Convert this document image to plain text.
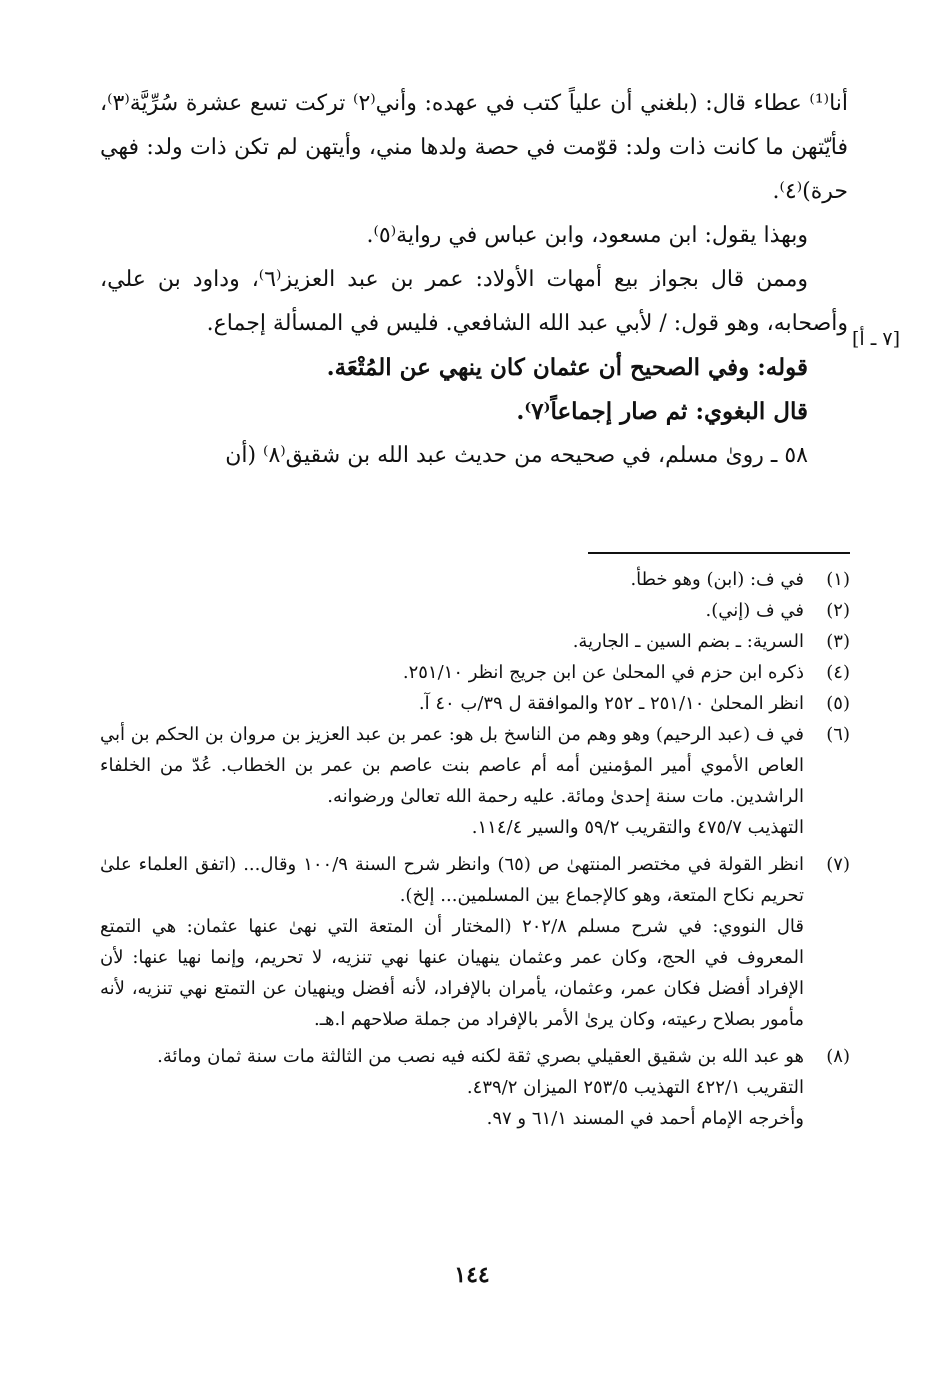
أنا⁽¹⁾ عطاء قال: (بلغني أن علياً كتب في عهده: وأني⁽٢⁾ تركت تسع عشرة سُرِّيَّة⁽٣⁾، فأيّتهن ما كانت ذات ولد: قوّمت في حصة ولدها مني، وأيتهن لم تكن ذات ولد: فهي حرة)⁽٤⁾.

وبهذا يقول: ابن مسعود، وابن عباس في رواية⁽٥⁾.

وممن قال بجواز بيع أمهات الأولاد: عمر بن عبد العزيز⁽٦⁾، وداود بن علي، وأصحابه، وهو قول: / لأبي عبد الله الشافعي. فليس في المسألة إجماع.

قوله: وفي الصحيح أن عثمان كان ينهي عن المُتْعَة.

قال البغوي: ثم صار إجماعاً⁽٧⁾.

٥٨ ـ روىٰ مسلم، في صحيحه من حديث عبد الله بن شقيق⁽٨⁾ (أن

[٧ ـ أ]
(١)

في ف: (ابن) وهو خطأ.

(٢)

في ف (إني).

(٣)

السرية: ـ بضم السين ـ الجارية.

(٤)

ذكره ابن حزم في المحلىٰ عن ابن جريج انظر ٢٥١/١٠.

(٥)

انظر المحلىٰ ٢٥١/١٠ ـ ٢٥٢ والموافقة ل ٣٩/ب ٤٠ آ.

(٦)

في ف (عبد الرحيم) وهو وهم من الناسخ بل هو: عمر بن عبد العزيز بن مروان بن الحكم بن أبي العاص الأموي أمير المؤمنين أمه أم عاصم بنت عاصم بن عمر بن الخطاب. عُدّ من الخلفاء الراشدين. مات سنة إحدىٰ ومائة. عليه رحمة الله تعالىٰ ورضوانه.

التهذيب ٤٧٥/٧ والتقريب ٥٩/٢ والسير ١١٤/٤.

(٧)

انظر القولة في مختصر المنتهىٰ ص (٦٥) وانظر شرح السنة ١٠٠/٩ وقال... (اتفق العلماء علىٰ تحريم نكاح المتعة، وهو كالإجماع بين المسلمين... إلخ).

قال النووي: في شرح مسلم ٢٠٢/٨ (المختار أن المتعة التي نهىٰ عنها عثمان: هي التمتع المعروف في الحج، وكان عمر وعثمان ينهيان عنها نهي تنزيه، لا تحريم، وإنما نهيا عنها: لأن الإفراد أفضل فكان عمر، وعثمان، يأمران بالإفراد، لأنه أفضل وينهيان عن التمتع نهي تنزيه، لأنه مأمور بصلاح رعيته، وكان يرىٰ الأمر بالإفراد من جملة صلاحهم ا.هـ.

(٨)

هو عبد الله بن شقيق العقيلي بصري ثقة لكنه فيه نصب من الثالثة مات سنة ثمان ومائة.

التقريب ٤٢٢/١ التهذيب ٢٥٣/٥ الميزان ٤٣٩/٢.

وأخرجه الإمام أحمد في المسند ٦١/١ و ٩٧.

١٤٤
